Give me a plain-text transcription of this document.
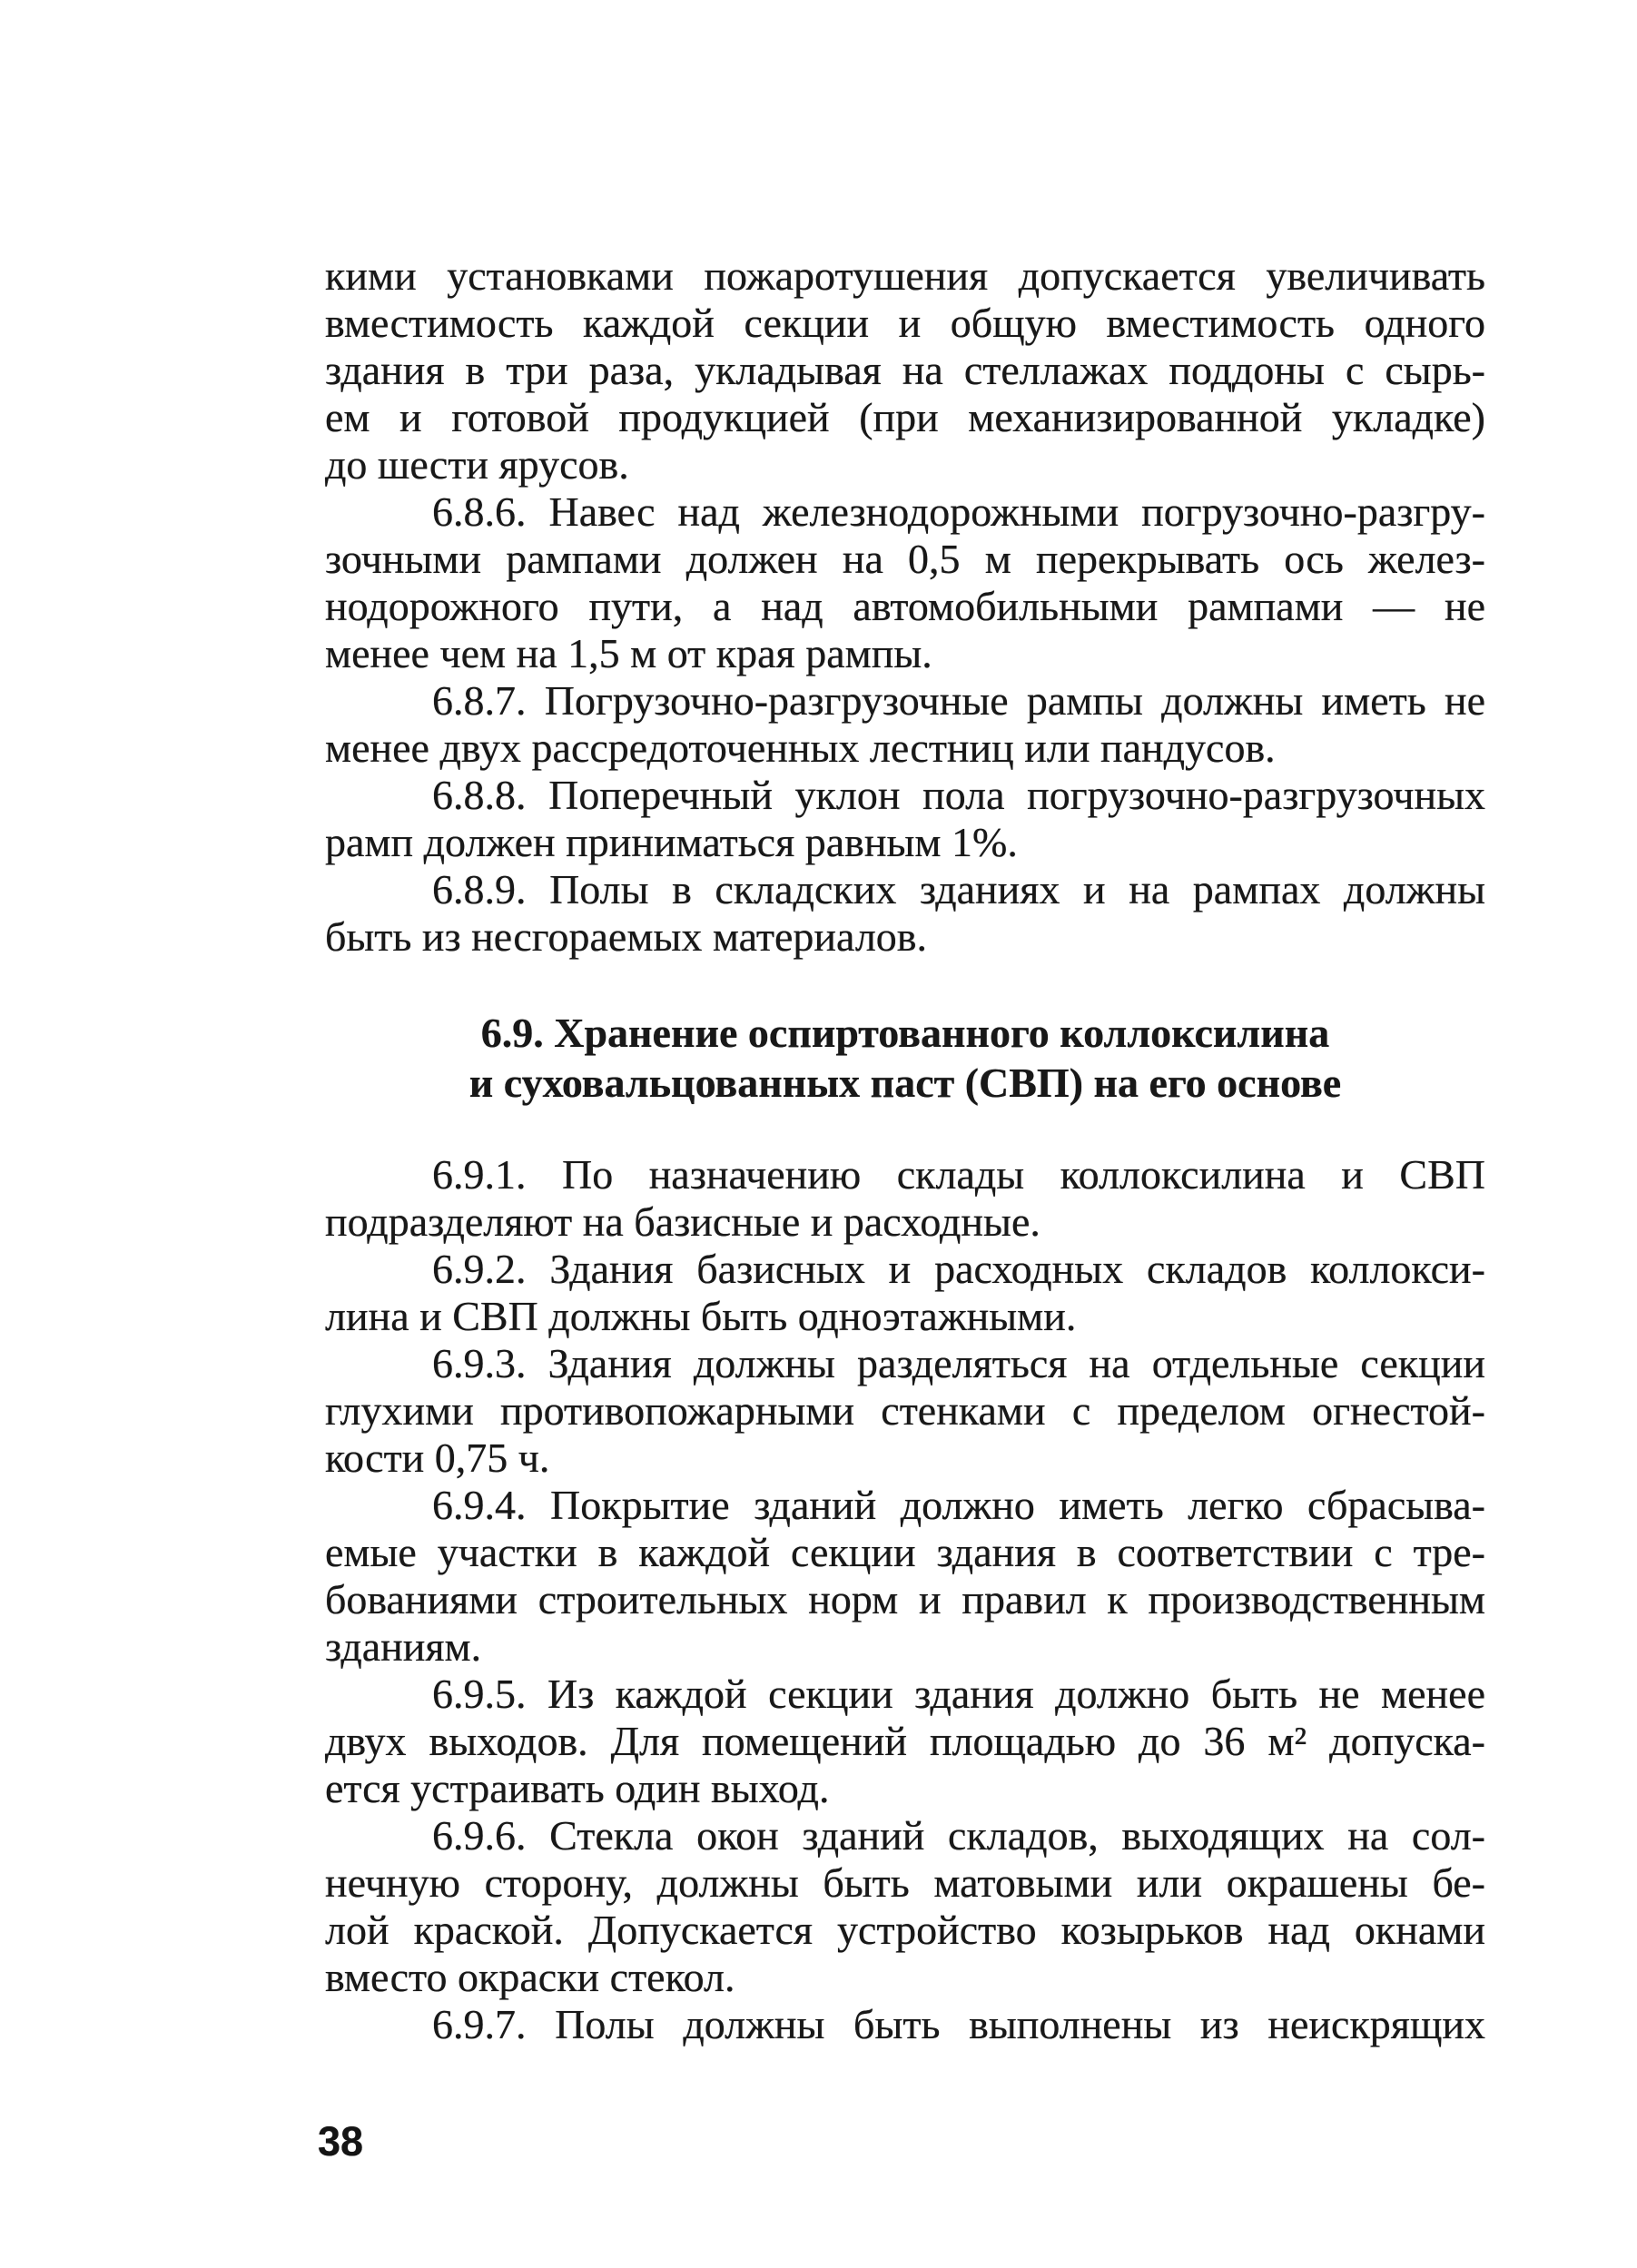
кими установками пожаротушения допускается увеличивать
вместимость каждой секции и общую вместимость одного
здания в три раза, укладывая на стеллажах поддоны с сырь-
ем и готовой продукцией (при механизированной укладке)
до шести ярусов.
6.8.6. Навес над железнодорожными погрузочно-разгру-
зочными рампами должен на 0,5 м перекрывать ось желез-
нодорожного пути, а над автомобильными рампами — не
менее чем на 1,5 м от края рампы.
6.8.7. Погрузочно-разгрузочные рампы должны иметь не
менее двух рассредоточенных лестниц или пандусов.
6.8.8. Поперечный уклон пола погрузочно-разгрузочных
рамп должен приниматься равным 1%.
6.8.9. Полы в складских зданиях и на рампах должны
быть из несгораемых материалов.
6.9. Хранение оспиртованного коллоксилина
и суховальцованных паст (СВП) на его основе
6.9.1. По назначению склады коллоксилина и СВП
подразделяют на базисные и расходные.
6.9.2. Здания базисных и расходных складов коллокси-
лина и СВП должны быть одноэтажными.
6.9.3. Здания должны разделяться на отдельные секции
глухими противопожарными стенками с пределом огнестой-
кости 0,75 ч.
6.9.4. Покрытие зданий должно иметь легко сбрасыва-
емые участки в каждой секции здания в соответствии с тре-
бованиями строительных норм и правил к производственным
зданиям.
6.9.5. Из каждой секции здания должно быть не менее
двух выходов. Для помещений площадью до 36 м² допуска-
ется устраивать один выход.
6.9.6. Стекла окон зданий складов, выходящих на сол-
нечную сторону, должны быть матовыми или окрашены бе-
лой краской. Допускается устройство козырьков над окнами
вместо окраски стекол.
6.9.7. Полы должны быть выполнены из неискрящих
38
